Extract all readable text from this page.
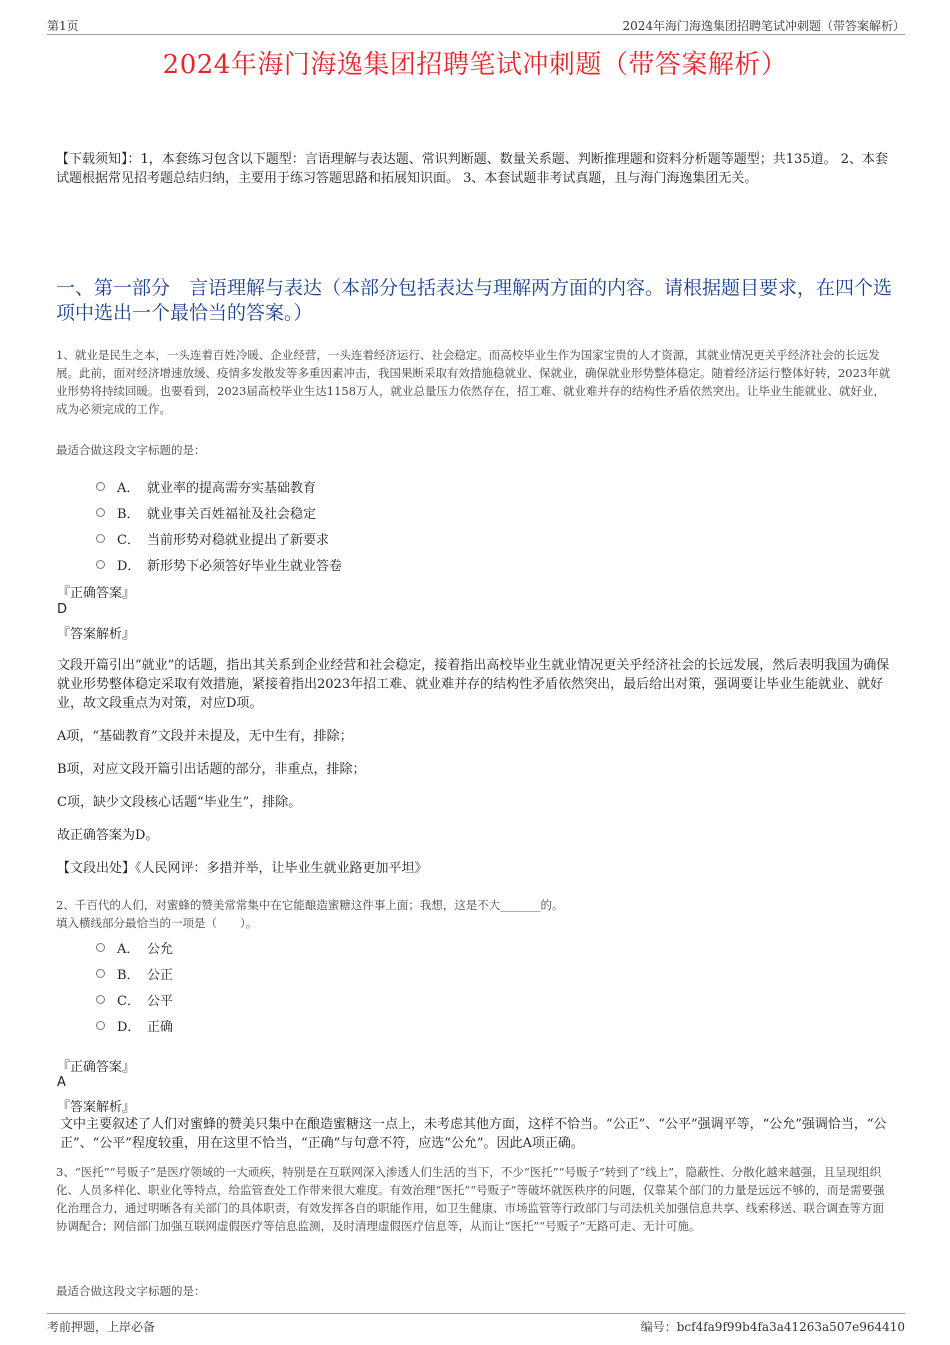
第1页	2024年海门海逸集团招聘笔试冲刺题（带答案解析）
2024年海门海逸集团招聘笔试冲刺题（带答案解析）
【下载须知】：1，本套练习包含以下题型：言语理解与表达题、常识判断题、数量关系题、判断推理题和资料分析题等题型；共135道。 2、本套试题根据常见招考题总结归纳，主要用于练习答题思路和拓展知识面。 3、本套试题非考试真题，且与海门海逸集团无关。
一、第一部分　言语理解与表达（本部分包括表达与理解两方面的内容。请根据题目要求，在四个选项中选出一个最恰当的答案。）
1、就业是民生之本，一头连着百姓冷暖、企业经营，一头连着经济运行、社会稳定。而高校毕业生作为国家宝贵的人才资源，其就业情况更关乎经济社会的长远发展。此前，面对经济增速放缓、疫情多发散发等多重因素冲击，我国果断采取有效措施稳就业、保就业，确保就业形势整体稳定。随着经济运行整体好转，2023年就业形势将持续回暖。也要看到，2023届高校毕业生达1158万人，就业总量压力依然存在，招工难、就业难并存的结构性矛盾依然突出。让毕业生能就业、就好业，成为必须完成的工作。
最适合做这段文字标题的是：
A． 就业率的提高需夯实基础教育
B． 就业事关百姓福祉及社会稳定
C． 当前形势对稳就业提出了新要求
D． 新形势下必须答好毕业生就业答卷
『正确答案』
D
『答案解析』
文段开篇引出“就业”的话题，指出其关系到企业经营和社会稳定，接着指出高校毕业生就业情况更关乎经济社会的长远发展，然后表明我国为确保就业形势整体稳定采取有效措施，紧接着指出2023年招工难、就业难并存的结构性矛盾依然突出，最后给出对策，强调要让毕业生能就业、就好业，故文段重点为对策，对应D项。
A项，“基础教育”文段并未提及，无中生有，排除；
B项，对应文段开篇引出话题的部分，非重点，排除；
C项，缺少文段核心话题“毕业生”，排除。
故正确答案为D。
【文段出处】《人民网评：多措并举，让毕业生就业路更加平坦》
2、千百代的人们，对蜜蜂的赞美常常集中在它能酿造蜜糖这件事上面；我想，这是不大_______的。
填入横线部分最恰当的一项是（　　）。
A． 公允
B． 公正
C． 公平
D． 正确
『正确答案』
A
『答案解析』
文中主要叙述了人们对蜜蜂的赞美只集中在酿造蜜糖这一点上，未考虑其他方面，这样不恰当。“公正”、“公平”强调平等，“公允”强调恰当，“公正”、“公平”程度较重，用在这里不恰当，“正确”与句意不符，应选“公允”。因此A项正确。
3、“医托”“号贩子”是医疗领域的一大顽疾，特别是在互联网深入渗透人们生活的当下，不少“医托”“号贩子”转到了“线上”，隐蔽性、分散化越来越强，且呈现组织化、人员多样化、职业化等特点，给监管查处工作带来很大难度。有效治理“医托”“号贩子”等破坏就医秩序的问题，仅靠某个部门的力量是远远不够的，而是需要强化治理合力，通过明晰各有关部门的具体职责，有效发挥各自的职能作用，如卫生健康、市场监管等行政部门与司法机关加强信息共享、线索移送、联合调查等方面协调配合；网信部门加强互联网虚假医疗等信息监测，及时清理虚假医疗信息等，从而让“医托”“号贩子”无路可走、无计可施。
最适合做这段文字标题的是：
考前押题，上岸必备	编号：bcf4fa9f99b4fa3a41263a507e964410
